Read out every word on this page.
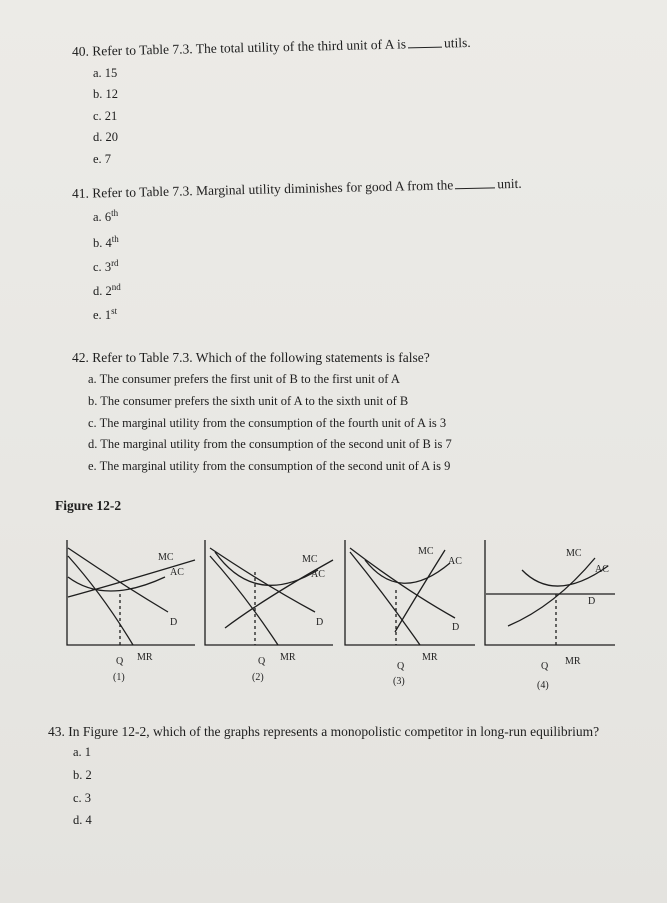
40. Refer to Table 7.3. The total utility of the third unit of A is	utils.
a. 15
b. 12
c. 21
d. 20
e. 7
41. Refer to Table 7.3. Marginal utility diminishes for good A from the	unit.
a. 6th
b. 4th
c. 3rd
d. 2nd
e. 1st
42. Refer to Table 7.3. Which of the following statements is false?
a. The consumer prefers the first unit of B to the first unit of A
b. The consumer prefers the sixth unit of A to the sixth unit of B
c. The marginal utility from the consumption of the fourth unit of A is 3
d. The marginal utility from the consumption of the second unit of B is 7
e. The marginal utility from the consumption of the second unit of A is 9
Figure 12-2
MC
AC
D
MR
Q
(1)
MC
AC
D
MR
Q
(2)
MC
AC
D
MR
Q
(3)
MC
AC
D
MR
Q
(4)
43. In Figure 12-2, which of the graphs represents a monopolistic competitor in long-run equilibrium?
a. 1
b. 2
c. 3
d. 4
